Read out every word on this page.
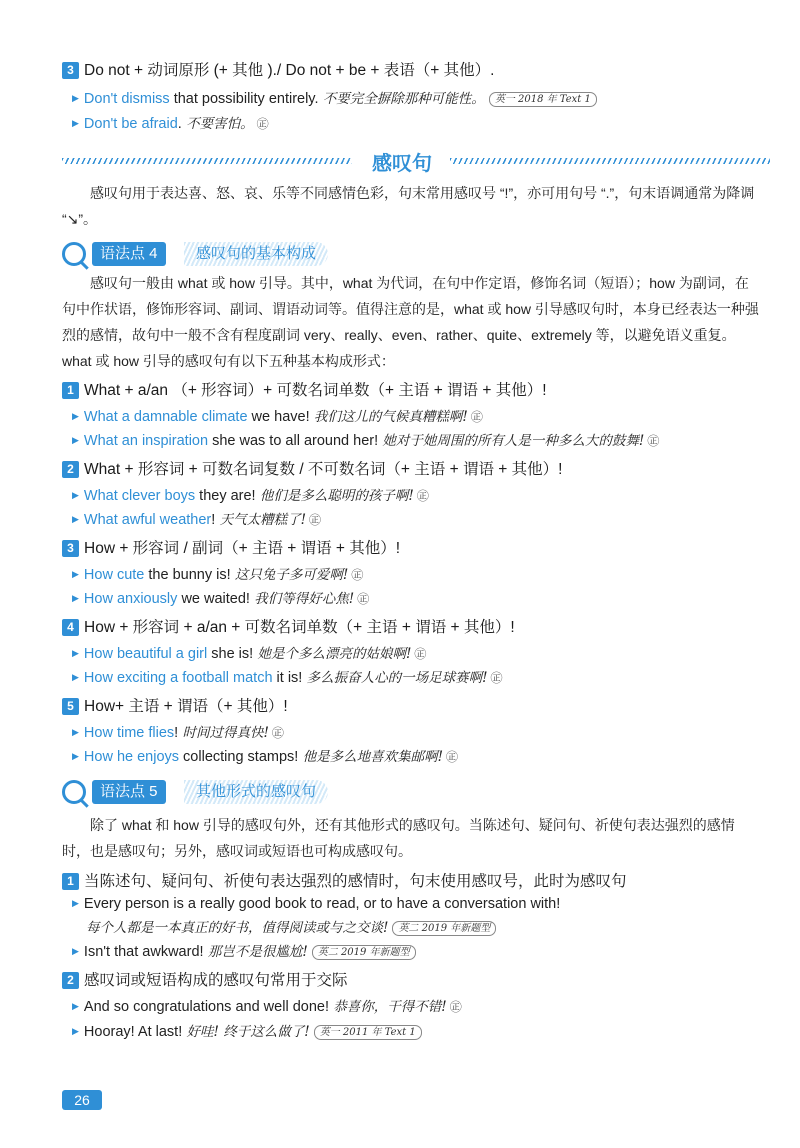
3 Do not + 动词原形 (+ 其他 )./ Do not + be + 表语（+ 其他）.
▶ Don't dismiss that possibility entirely. 不要完全摒除那种可能性。 英一 2018 年 Text 1
▶ Don't be afraid. 不要害怕。 ㊣
感叹句
感叹句用于表达喜、怒、哀、乐等不同感情色彩，句末常用感叹号 “!”，亦可用句号 “.”，句末语调通常为降调 “↘”。
语法点 4	感叹句的基本构成
感叹句一般由 what 或 how 引导。其中，what 为代词，在句中作定语，修饰名词（短语）；how 为副词，在句中作状语，修饰形容词、副词、谓语动词等。值得注意的是，what 或 how 引导感叹句时，本身已经表达一种强烈的感情，故句中一般不含有程度副词 very、really、even、rather、quite、extremely 等，以避免语义重复。what 或 how 引导的感叹句有以下五种基本构成形式：
1 What + a/an （+ 形容词）+ 可数名词单数（+ 主语 + 谓语 + 其他）!
▶ What a damnable climate we have! 我们这儿的气候真糟糕啊! ㊣
▶ What an inspiration she was to all around her! 她对于她周围的所有人是一种多么大的鼓舞! ㊣
2 What + 形容词 + 可数名词复数 / 不可数名词（+ 主语 + 谓语 + 其他）!
▶ What clever boys they are! 他们是多么聪明的孩子啊! ㊣
▶ What awful weather! 天气太糟糕了! ㊣
3 How + 形容词 / 副词（+ 主语 + 谓语 + 其他）!
▶ How cute the bunny is! 这只兔子多可爱啊! ㊣
▶ How anxiously we waited! 我们等得好心焦! ㊣
4 How + 形容词 + a/an + 可数名词单数（+ 主语 + 谓语 + 其他）!
▶ How beautiful a girl she is! 她是个多么漂亮的姑娘啊! ㊣
▶ How exciting a football match it is! 多么振奋人心的一场足球赛啊! ㊣
5 How+ 主语 + 谓语（+ 其他）!
▶ How time flies! 时间过得真快! ㊣
▶ How he enjoys collecting stamps! 他是多么地喜欢集邮啊! ㊣
语法点 5	其他形式的感叹句
除了 what 和 how 引导的感叹句外，还有其他形式的感叹句。当陈述句、疑问句、祈使句表达强烈的感情时，也是感叹句；另外，感叹词或短语也可构成感叹句。
1 当陈述句、疑问句、祈使句表达强烈的感情时，句末使用感叹号，此时为感叹句
▶ Every person is a really good book to read, or to have a conversation with!
每个人都是一本真正的好书，值得阅读或与之交谈! 英二 2019 年新题型
▶ Isn't that awkward! 那岂不是很尴尬! 英二 2019 年新题型
2 感叹词或短语构成的感叹句常用于交际
▶ And so congratulations and well done! 恭喜你，干得不错! ㊣
▶ Hooray! At last! 好哇! 终于这么做了! 英一 2011 年 Text 1
26
